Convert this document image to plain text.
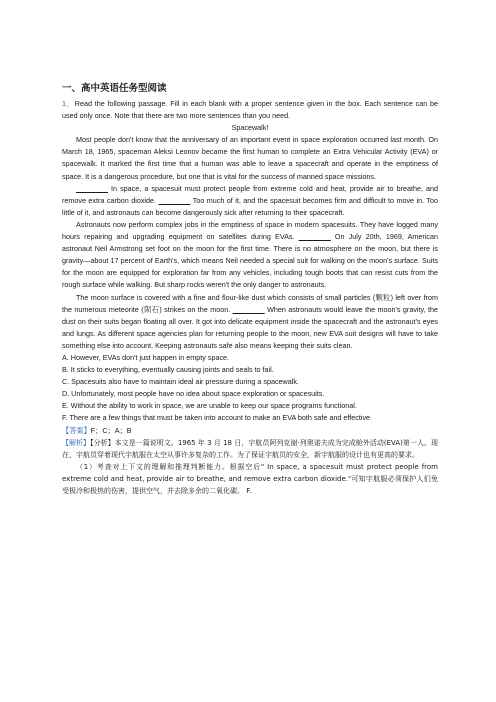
一、高中英语任务型阅读

1．Read the following passage. Fill in each blank with a proper sentence given in the box. Each sentence can be used only once. Note that there are two more sentences than you need.

Spacewalk!

Most people don't know that the anniversary of an important event in space exploration occurred last month. On March 18, 1965, spaceman Aleksi Leonov became the first human to complete an Extra Vehicular Activity (EVA) or spacewalk. It marked the first time that a human was able to leave a spacecraft and operate in the emptiness of space. It is a dangerous procedure, but one that is vital for the success of manned space missions.

________ In space, a spacesuit must protect people from extreme cold and heat, provide air to breathe, and remove extra carbon dioxide. ________ Too much of it, and the spacesuit becomes firm and difficult to move in. Too little of it, and astronauts can become dangerously sick after returning to their spacecraft.

Astronauts now perform complex jobs in the emptiness of space in modern spacesuits. They have logged many hours repairing and upgrading equipment on satellites during EVAs. ________ On July 20th, 1969, American astronaut Neil Armstrong set foot on the moon for the first time. There is no atmosphere on the moon, but there is gravity—about 17 percent of Earth's, which means Neil needed a special suit for walking on the moon's surface. Suits for the moon are equipped for exploration far from any vehicles, including tough boots that can resist cuts from the rough surface while walking. But sharp rocks weren't the only danger to astronauts.

The moon surface is covered with a fine and flour-like dust which consists of small particles (颗粒) left over from the numerous meteorite (陨石) strikes on the moon. ________ When astronauts would leave the moon's gravity, the dust on their suits began floating all over. It got into delicate equipment inside the spacecraft and the astronaut's eyes and lungs. As different space agencies plan for returning people to the moon, new EVA suit designs will have to take something else into account. Keeping astronauts safe also means keeping their suits clean.

A. However, EVAs don't just happen in empty space.

B. It sticks to everything, eventually causing joints and seals to fail.

C. Spacesuits also have to maintain ideal air pressure during a spacewalk.

D. Unfortunately, most people have no idea about space exploration or spacesuits.

E. Without the ability to work in space, we are unable to keep our space programs functional.

F. There are a few things that must be taken into account to make an EVA both safe and effective

【答案】F；C；A；B

【解析】【分析】本文是一篇说明文。1965 年 3 月 18 日，宇航员阿列克谢·列奥诺夫成为完成舱外活动(EVA)第一人。现在，宇航员穿着现代宇航服在太空从事许多复杂的工作。为了保证宇航员的安全，新宇航服的设计也有更高的要求。

（1）考查对上下文的理解和推理判断能力。根据空后" In space, a spacesuit must protect people from extreme cold and heat, provide air to breathe, and remove extra carbon dioxide."可知宇航服必须保护人们免受极冷和极热的伤害，提供空气，并去除多余的二氧化碳。 F.
